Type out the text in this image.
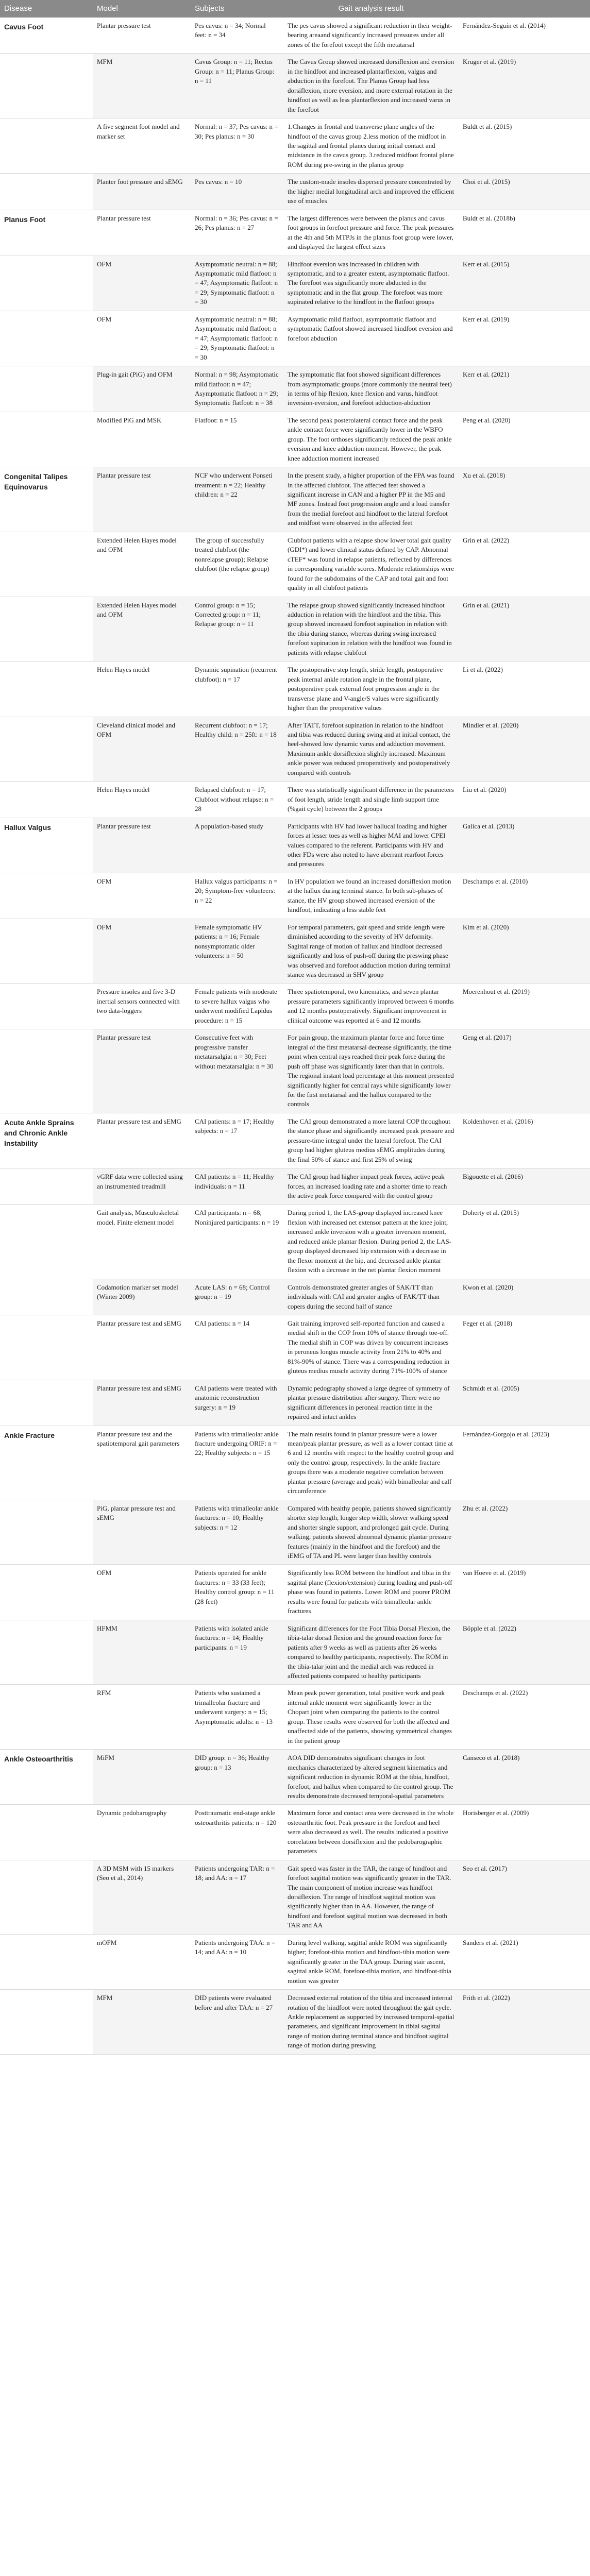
Disease	Model	Subjects	Gait analysis result	
Cavus Foot	Plantar pressure test	Pes cavus: n = 34; Normal feet: n = 34	The pes cavus showed a significant reduction in their weight-bearing areaand significantly increased pressures under all zones of the forefoot except the fifth metatarsal	Fernández-Seguín et al. (2014)
	MFM	Cavus Group: n = 11; Rectus Group: n = 11; Planus Group: n = 11	The Cavus Group showed increased dorsiflexion and eversion in the hindfoot and increased plantarflexion, valgus and abduction in the forefoot. The Planus Group had less dorsiflexion, more eversion, and more external rotation in the hindfoot as well as less plantarflexion and increased varus in the forefoot	Kruger et al. (2019)
	A five segment foot model and marker set	Normal: n = 37; Pes cavus: n = 30; Pes planus: n = 30	1.Changes in frontal and transverse plane angles of the hindfoot of the cavus group 2.less motion of the midfoot in the sagittal and frontal planes during initial contact and midstance in the cavus group. 3.reduced midfoot frontal plane ROM during pre-swing in the planus group	Buldt et al. (2015)
	Planter foot pressure and sEMG	Pes cavus: n = 10	The custom-made insoles dispersed pressure concentrated by the higher medial longitudinal arch and improved the efficient use of muscles	Choi et al. (2015)
Planus Foot	Plantar pressure test	Normal: n = 36; Pes cavus: n = 26; Pes planus: n = 27	The largest differences were between the planus and cavus foot groups in forefoot pressure and force. The peak pressures at the 4th and 5th MTPJs in the planus foot group were lower, and displayed the largest effect sizes	Buldt et al. (2018b)
	OFM	Asymptomatic neutral: n = 88; Asymptomatic mild flatfoot: n = 47; Asymptomatic flatfoot: n = 29; Symptomatic flatfoot: n = 30	Hindfoot eversion was increased in children with symptomatic, and to a greater extent, asymptomatic flatfoot. The forefoot was significantly more abducted in the symptomatic and in the flat group. The forefoot was more supinated relative to the hindfoot in the flatfoot groups	Kerr et al. (2015)
	OFM	Asymptomatic neutral: n = 88; Asymptomatic mild flatfoot: n = 47; Asymptomatic flatfoot: n = 29; Symptomatic flatfoot: n = 30	Asymptomatic mild flatfoot, asymptomatic flatfoot and symptomatic flatfoot showed increased hindfoot eversion and forefoot abduction	Kerr et al. (2019)
	Plug-in gait (PiG) and OFM	Normal: n = 98; Asymptomatic mild flatfoot: n = 47; Asymptomatic flatfoot: n = 29; Symptomatic flatfoot: n = 38	The symptomatic flat foot showed significant differences from asymptomatic groups (more commonly the neutral feet) in terms of hip flexion, knee flexion and varus, hindfoot inversion-eversion, and forefoot adduction-abduction	Kerr et al. (2021)
	Modified PiG and MSK	Flatfoot: n = 15	The second peak posterolateral contact force and the peak ankle contact force were significantly lower in the WBFO group. The foot orthoses significantly reduced the peak ankle eversion and knee adduction moment. However, the peak knee adduction moment increased	Peng et al. (2020)
Congenital Talipes Equinovarus	Plantar pressure test	NCF who underwent Ponseti treatment: n = 22; Healthy children: n = 22	In the present study, a higher proportion of the FPA was found in the affected clubfoot. The affected feet showed a significant increase in CAN and a higher PP in the M5 and MF zones. Instead foot progression angle and a load transfer from the medial forefoot and hindfoot to the lateral forefoot and midfoot were observed in the affected feet	Xu et al. (2018)
	Extended Helen Hayes model and OFM	The group of successfully treated clubfoot (the nonrelapse group); Relapse clubfoot (the relapse group)	Clubfoot patients with a relapse show lower total gait quality (GDI*) and lower clinical status defined by CAP. Abnormal cTEF* was found in relapse patients, reflected by differences in corresponding variable scores. Moderate relationships were found for the subdomains of the CAP and total gait and foot quality in all clubfoot patients	Grin et al. (2022)
	Extended Helen Hayes model and OFM	Control group: n = 15; Corrected group: n = 11; Relapse group: n = 11	The relapse group showed significantly increased hindfoot adduction in relation with the hindfoot and the tibia. This group showed increased forefoot supination in relation with the tibia during stance, whereas during swing increased forefoot supination in relation with the hindfoot was found in patients with relapse clubfoot	Grin et al. (2021)
	Helen Hayes model	Dynamic supination (recurrent clubfoot): n = 17	The postoperative step length, stride length, postoperative peak internal ankle rotation angle in the frontal plane, postoperative peak external foot progression angle in the transverse plane and V-angle/S values were significantly higher than the preoperative values	Li et al. (2022)
	Cleveland clinical model and OFM	Recurrent clubfoot: n = 17; Healthy child: n = 25ft: n = 18	After TATT, forefoot supination in relation to the hindfoot and tibia was reduced during swing and at initial contact, the heel-showed low dynamic varus and adduction movement. Maximum ankle dorsiflexion slightly increased. Maximum ankle power was reduced preoperatively and postoperatively compared with controls	Mindler et al. (2020)
	Helen Hayes model	Relapsed clubfoot: n = 17; Clubfoot without relapse: n = 28	There was statistically significant difference in the parameters of foot length, stride length and single limb support time (%gait cycle) between the 2 groups	Liu et al. (2020)
Hallux Valgus	Plantar pressure test	A population-based study	Participants with HV had lower hallucal loading and higher forces at lesser toes as well as higher MAI and lower CPEI values compared to the referent. Participants with HV and other FDs were also noted to have aberrant rearfoot forces and pressures	Galica et al. (2013)
	OFM	Hallux valgus participants: n = 20; Symptom-free volunteers: n = 22	In HV population we found an increased dorsiflexion motion at the hallux during terminal stance. In both sub-phases of stance, the HV group showed increased eversion of the hindfoot, indicating a less stable feet	Deschamps et al. (2010)
	OFM	Female symptomatic HV patients: n = 16; Female nonsymptomatic older volunteers: n = 50	For temporal parameters, gait speed and stride length were diminished according to the severity of HV deformity. Sagittal range of motion of hallux and hindfoot decreased significantly and loss of push-off during the preswing phase was observed and forefoot adduction motion during terminal stance was decreased in SHV group	Kim et al. (2020)
	Pressure insoles and five 3-D inertial sensors connected with two data-loggers	Female patients with moderate to severe hallux valgus who underwent modified Lapidus procedure: n = 15	Three spatiotemporal, two kinematics, and seven plantar pressure parameters significantly improved between 6 months and 12 months postoperatively. Significant improvement in clinical outcome was reported at 6 and 12 months	Moerenhout et al. (2019)
	Plantar pressure test	Consecutive feet with progressive transfer metatarsalgia: n = 30; Feet without metatarsalgia: n = 30	For pain group, the maximum plantar force and force time integral of the first metatarsal decrease significantly, the time point when central rays reached their peak force during the push off phase was significantly later than that in controls. The regional instant load percentage at this moment presented significantly higher for central rays while significantly lower for the first metatarsal and the hallux compared to the controls	Geng et al. (2017)
Acute Ankle Sprains and Chronic Ankle Instability	Plantar pressure test and sEMG	CAI patients: n = 17; Healthy subjects: n = 17	The CAI group demonstrated a more lateral COP throughout the stance phase and significantly increased peak pressure and pressure-time integral under the lateral forefoot. The CAI group had higher gluteus medius sEMG amplitudes during the final 50% of stance and first 25% of swing	Koldenhoven et al. (2016)
	vGRF data were collected using an instrumented treadmill	CAI patients: n = 11; Healthy individuals: n = 11	The CAI group had higher impact peak forces, active peak forces, an increased loading rate and a shorter time to reach the active peak force compared with the control group	Bigouette et al. (2016)
	Gait analysis, Musculoskeletal model. Finite element model	CAI participants: n = 68; Noninjured participants: n = 19	During period 1, the LAS-group displayed increased knee flexion with increased net extensor pattern at the knee joint, increased ankle inversion with a greater inversion moment, and reduced ankle plantar flexion. During period 2, the LAS-group displayed decreased hip extension with a decrease in the flexor moment at the hip, and decreased ankle plantar flexion with a decrease in the net plantar flexion moment	Doherty et al. (2015)
	Codamotion marker set model (Winter 2009)	Acute LAS: n = 68; Control group: n = 19	Controls demonstrated greater angles of SAK/TT than individuals with CAI and greater angles of FAK/TT than copers during the second half of stance	Kwon et al. (2020)
	Plantar pressure test and sEMG	CAI patients: n = 14	Gait training improved self-reported function and caused a medial shift in the COP from 10% of stance through toe-off. The medial shift in COP was driven by concurrent increases in peroneus longus muscle activity from 21% to 40% and 81%-90% of stance. There was a corresponding reduction in gluteus medius muscle activity during 71%-100% of stance	Feger et al. (2018)
	Plantar pressure test and sEMG	CAI patients were treated with anatomic reconstruction surgery: n = 19	Dynamic pedography showed a large degree of symmetry of plantar pressure distribution after surgery. There were no significant differences in peroneal reaction time in the repaired and intact ankles	Schmidt et al. (2005)
Ankle Fracture	Plantar pressure test and the spatiotemporal gait parameters	Patients with trimalleolar ankle fracture undergoing ORIF: n = 22; Healthy subjects: n = 15	The main results found in plantar pressure were a lower mean/peak plantar pressure, as well as a lower contact time at 6 and 12 months with respect to the healthy control group and only the control group, respectively. In the ankle fracture groups there was a moderate negative correlation between plantar pressure (average and peak) with bimalleolar and calf circumference	Fernández-Gorgojo et al. (2023)
	PiG, plantar pressure test and sEMG	Patients with trimalleolar ankle fractures: n = 10; Healthy subjects: n = 12	Compared with healthy people, patients showed significantly shorter step length, longer step width, slower walking speed and shorter single support, and prolonged gait cycle. During walking, patients showed abnormal dynamic plantar pressure features (mainly in the hindfoot and the forefoot) and the iEMG of TA and PL were larger than healthy controls	Zhu et al. (2022)
	OFM	Patients operated for ankle fractures: n = 33 (33 feet); Healthy control group: n = 11 (28 feet)	Significantly less ROM between the hindfoot and tibia in the sagittal plane (flexion/extension) during loading and push-off phase was found in patients. Lower ROM and poorer PROM results were found for patients with trimalleolar ankle fractures	van Hoeve et al. (2019)
	HFMM	Patients with isolated ankle fractures: n = 14; Healthy participants: n = 19	Significant differences for the Foot Tibia Dorsal Flexion, the tibia-talar dorsal flexion and the ground reaction force for patients after 9 weeks as well as patients after 26 weeks compared to healthy participants, respectively. The ROM in the tibia-talar joint and the medial arch was reduced in affected patients compared to healthy participants	Böpple et al. (2022)
	RFM	Patients who sustained a trimalleolar fracture and underwent surgery: n = 15; Asymptomatic adults: n = 13	Mean peak power generation, total positive work and peak internal ankle moment were significantly lower in the Chopart joint when comparing the patients to the control group. These results were observed for both the affected and unaffected side of the patients, showing symmetrical changes in the patient group	Deschamps et al. (2022)
Ankle Osteoarthritis	MiFM	DID group: n = 36; Healthy group: n = 13	AOA DID demonstrates significant changes in foot mechanics characterized by altered segment kinematics and significant reduction in dynamic ROM at the tibia, hindfoot, forefoot, and hallux when compared to the control group. The results demonstrate decreased temporal-spatial parameters	Canseco et al. (2018)
	Dynamic pedobarography	Posttraumatic end-stage ankle osteoarthritis patients: n = 120	Maximum force and contact area were decreased in the whole osteoarthritic foot. Peak pressure in the forefoot and heel were also decreased as well. The results indicated a positive correlation between dorsiflexion and the pedobarographic parameters	Horisberger et al. (2009)
	A 3D MSM with 15 markers (Seo et al., 2014)	Patients undergoing TAR: n = 18; and AA: n = 17	Gait speed was faster in the TAR, the range of hindfoot and forefoot sagittal motion was significantly greater in the TAR. The main component of motion increase was hindfoot dorsiflexion. The range of hindfoot sagittal motion was significantly higher than in AA. However, the range of hindfoot and forefoot sagittal motion was decreased in both TAR and AA	Seo et al. (2017)
	mOFM	Patients undergoing TAA: n = 14; and AA: n = 10	During level walking, sagittal ankle ROM was significantly higher; forefoot-tibia motion and hindfoot-tibia motion were significantly greater in the TAA group. During stair ascent, sagittal ankle ROM, forefoot-tibia motion, and hindfoot-tibia motion was greater	Sanders et al. (2021)
	MFM	DID patients were evaluated before and after TAA: n = 27	Decreased external rotation of the tibia and increased internal rotation of the hindfoot were noted throughout the gait cycle. Ankle replacement as supported by increased temporal-spatial parameters, and significant improvement in tibial sagittal range of motion during terminal stance and hindfoot sagittal range of motion during preswing	Frith et al. (2022)
